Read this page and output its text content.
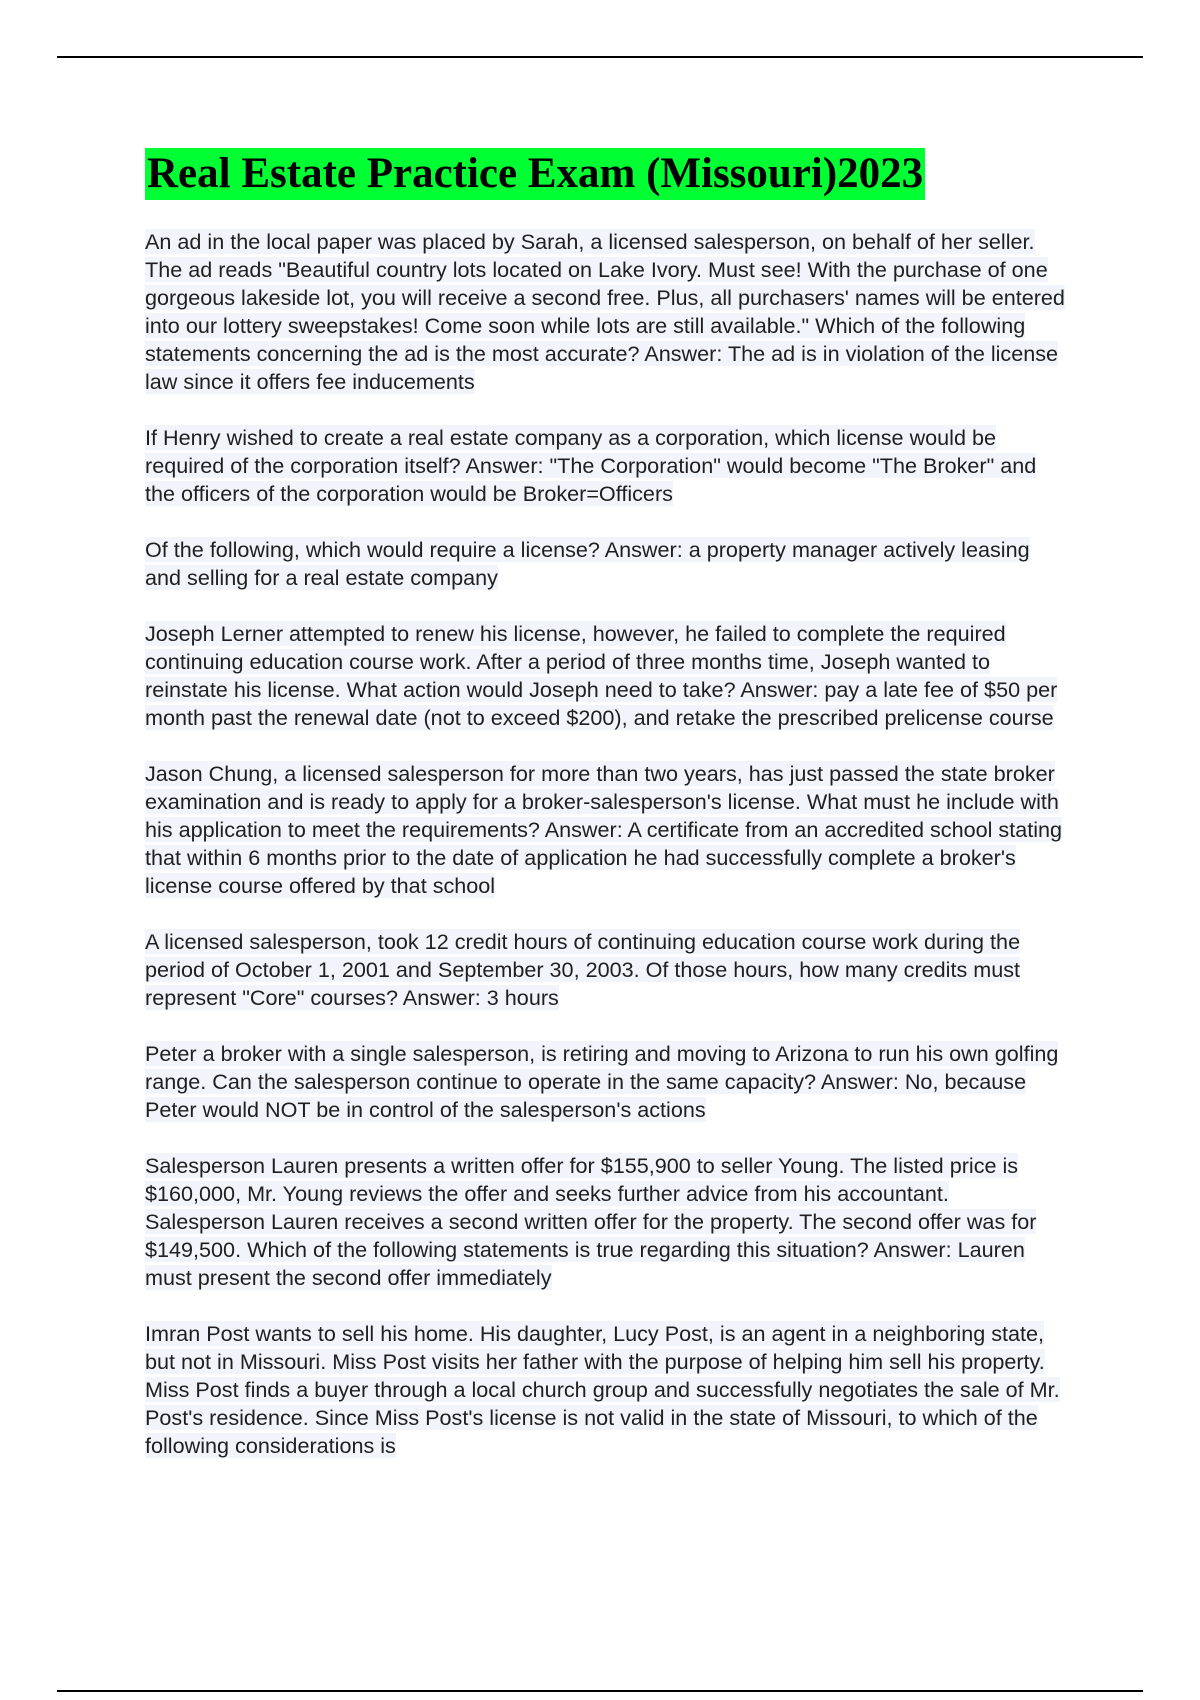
Real Estate Practice Exam (Missouri)2023

An ad in the local paper was placed by Sarah, a licensed salesperson, on behalf of her seller. The ad reads "Beautiful country lots located on Lake Ivory. Must see! With the purchase of one gorgeous lakeside lot, you will receive a second free. Plus, all purchasers' names will be entered into our lottery sweepstakes! Come soon while lots are still available." Which of the following statements concerning the ad is the most accurate? Answer: The ad is in violation of the license law since it offers fee inducements

If Henry wished to create a real estate company as a corporation, which license would be required of the corporation itself? Answer: "The Corporation" would become "The Broker" and the officers of the corporation would be Broker=Officers

Of the following, which would require a license? Answer: a property manager actively leasing and selling for a real estate company

Joseph Lerner attempted to renew his license, however, he failed to complete the required continuing education course work. After a period of three months time, Joseph wanted to reinstate his license. What action would Joseph need to take? Answer: pay a late fee of $50 per month past the renewal date (not to exceed $200), and retake the prescribed prelicense course

Jason Chung, a licensed salesperson for more than two years, has just passed the state broker examination and is ready to apply for a broker-salesperson's license. What must he include with his application to meet the requirements? Answer: A certificate from an accredited school stating that within 6 months prior to the date of application he had successfully complete a broker's license course offered by that school

A licensed salesperson, took 12 credit hours of continuing education course work during the period of October 1, 2001 and September 30, 2003. Of those hours, how many credits must represent "Core" courses? Answer: 3 hours

Peter a broker with a single salesperson, is retiring and moving to Arizona to run his own golfing range. Can the salesperson continue to operate in the same capacity? Answer: No, because Peter would NOT be in control of the salesperson's actions

Salesperson Lauren presents a written offer for $155,900 to seller Young. The listed price is $160,000, Mr. Young reviews the offer and seeks further advice from his accountant. Salesperson Lauren receives a second written offer for the property. The second offer was for $149,500. Which of the following statements is true regarding this situation? Answer: Lauren must present the second offer immediately

Imran Post wants to sell his home. His daughter, Lucy Post, is an agent in a neighboring state, but not in Missouri. Miss Post visits her father with the purpose of helping him sell his property. Miss Post finds a buyer through a local church group and successfully negotiates the sale of Mr. Post's residence. Since Miss Post's license is not valid in the state of Missouri, to which of the following considerations is
